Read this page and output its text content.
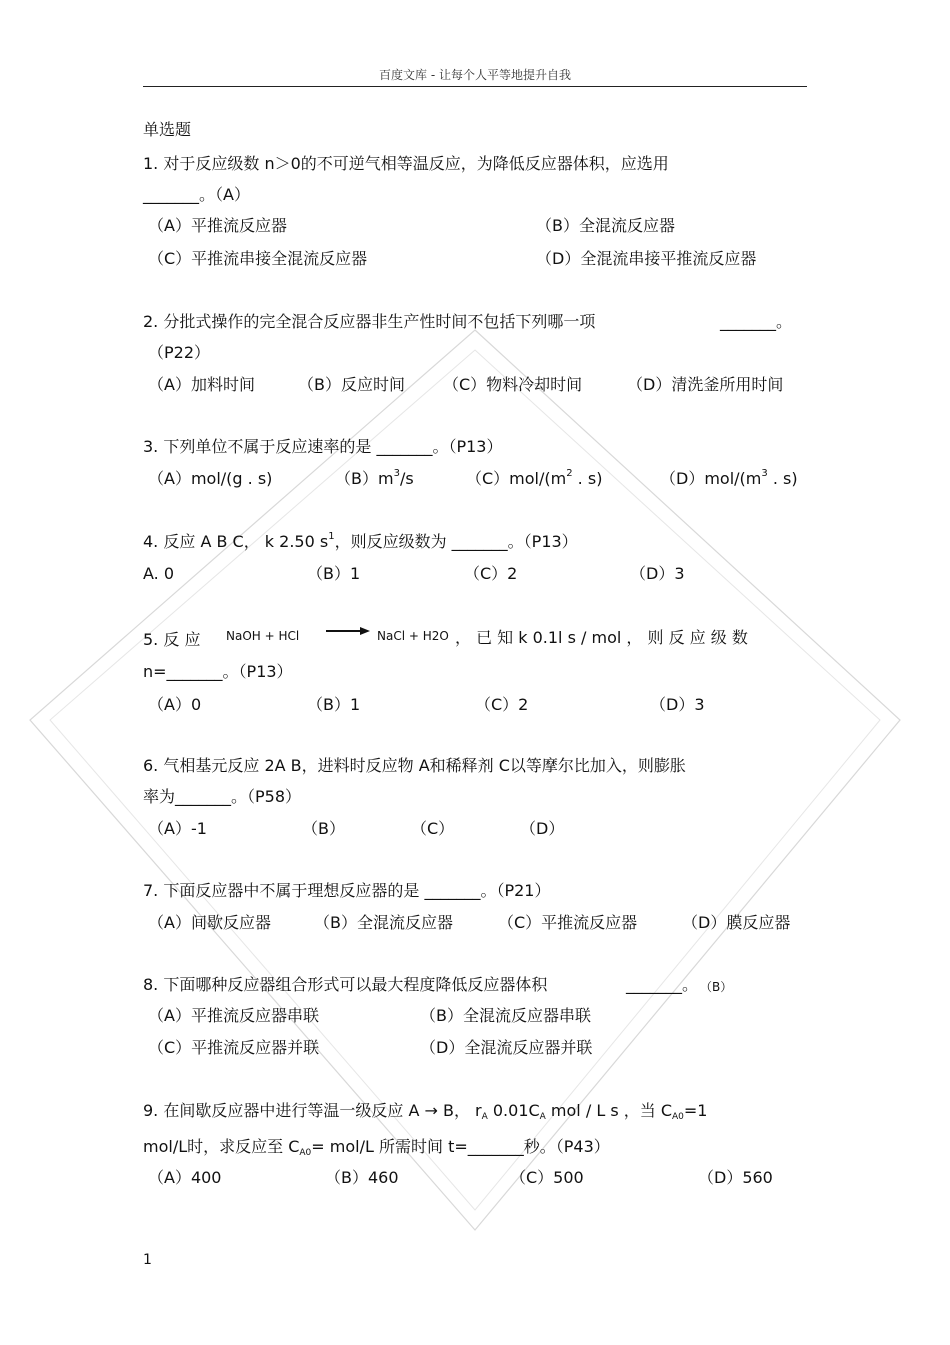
百度文库 - 让每个人平等地提升自我
单选题
1. 对于反应级数 n＞0的不可逆气相等温反应，为降低反应器体积，应选用
_______。（A）
（A）平推流反应器	（B）全混流反应器
（C）平推流串接全混流反应器	（D）全混流串接平推流反应器
2. 分批式操作的完全混合反应器非生产性时间不包括下列哪一项	_______。
（P22）
（A）加料时间	（B）反应时间 （C）物料冷却时间	（D）清洗釜所用时间
3. 下列单位不属于反应速率的是 _______。（P13）
（A）mol/(g . s)	$(B)m^3/s$	$(C)mol/(m^2$ . s)	$(D)mol/(m^3$ . s)
4. 反应 A B C， k 2.50 $s^1$，则反应级数为 _______。（P13）
A. 0	（B）1	（C）2	（D）3
5. 反 应 NaOH + HCl → NaCl + H2O ， 已 知 k 0.1l s / mol ， 则 反 应 级 数
n=_______。（P13）
（A）0	（B）1	（C）2	（D）3
6. 气相基元反应 2A B，进料时反应物 A和稀释剂 C以等摩尔比加入，则膨胀
率为_______。（P58）
（A）-1	（B）	（C）	（D）
7. 下面反应器中不属于理想反应器的是 _______。（P21）
（A）间歇反应器	（B）全混流反应器	（C）平推流反应器	（D）膜反应器
8. 下面哪种反应器组合形式可以最大程度降低反应器体积	_______。 （B）
（A）平推流反应器串联	（B）全混流反应器串联
（C）平推流反应器并联	（D）全混流反应器并联
9. 在间歇反应器中进行等温一级反应 A → B， rA 0.01CA mol / L s ，当 CA0=1
mol/L时，求反应至 CA0= mol/L 所需时间 t=_______秒。（P43）
（A）400	（B）460	（C）500	（D）560
1
